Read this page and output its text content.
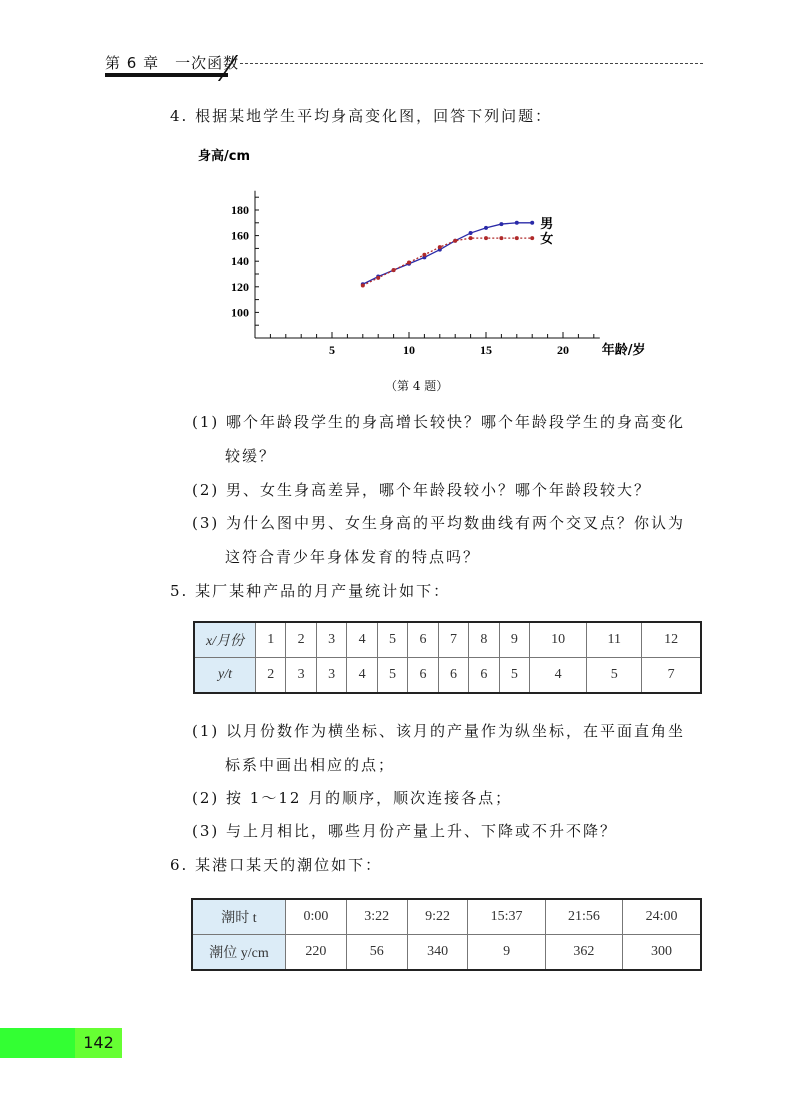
第 6 章　一次函数
4. 根据某地学生平均身高变化图，回答下列问题：
5	10	15	20
100
120
140
160
180
身高/cm
年龄/岁
男
女
（第 4 题）
(1) 哪个年龄段学生的身高增长较快？哪个年龄段学生的身高变化
较缓？
(2) 男、女生身高差异，哪个年龄段较小？哪个年龄段较大？
(3) 为什么图中男、女生身高的平均数曲线有两个交叉点？你认为
这符合青少年身体发育的特点吗？
5. 某厂某种产品的月产量统计如下：
x/月份	1	2	3	4	5	6	7	8	9	10	11	12
y/t	2	3	3	4	5	6	6	6	5	4	5	7
(1) 以月份数作为横坐标、该月的产量作为纵坐标，在平面直角坐
标系中画出相应的点；
(2) 按 1～12 月的顺序，顺次连接各点；
(3) 与上月相比，哪些月份产量上升、下降或不升不降？
6. 某港口某天的潮位如下：
潮时 t	0:00	3:22	9:22	15:37	21:56	24:00
潮位 y/cm	220	56	340	9	362	300
142
